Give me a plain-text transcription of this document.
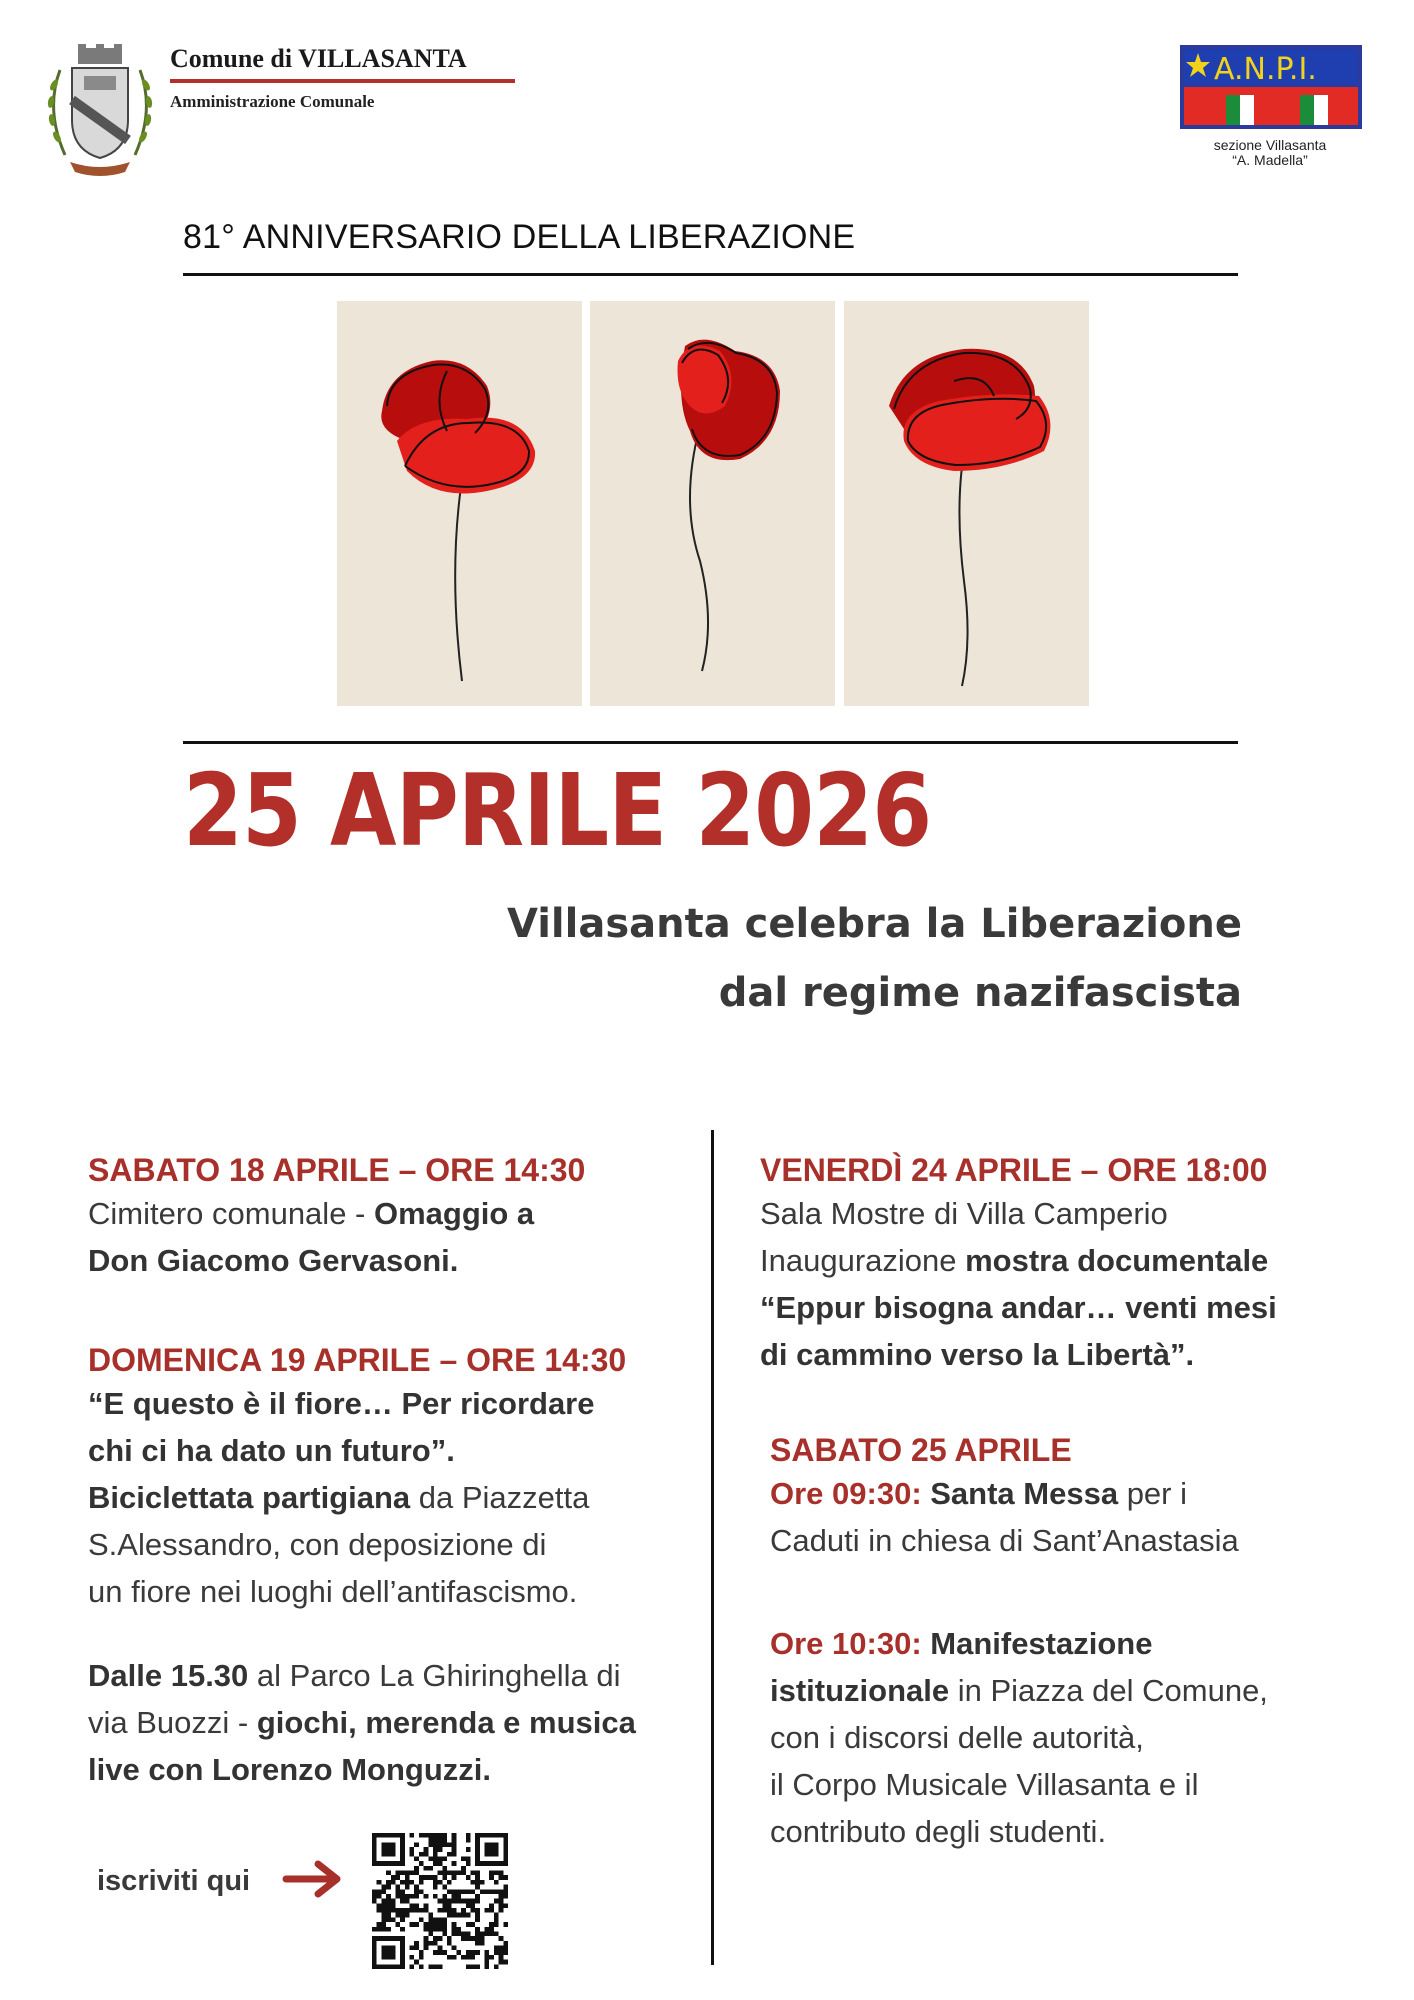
Comune di VILLASANTA
Amministrazione Comunale
A.N.P.I.
sezione Villasanta
“A. Madella”
81° ANNIVERSARIO DELLA LIBERAZIONE
25 APRILE 2026
Villasanta celebra la Liberazione
dal regime nazifascista
SABATO 18 APRILE – ORE 14:30
Cimitero comunale - Omaggio a
Don Giacomo Gervasoni.
DOMENICA 19 APRILE – ORE 14:30
“E questo è il fiore… Per ricordare
chi ci ha dato un futuro”.
Biciclettata partigiana da Piazzetta
S.Alessandro, con deposizione di
un fiore nei luoghi dell’antifascismo.
Dalle 15.30 al Parco La Ghiringhella di
via Buozzi - giochi, merenda e musica
live con Lorenzo Monguzzi.
iscriviti qui
VENERDÌ 24 APRILE – ORE 18:00
Sala Mostre di Villa Camperio
Inaugurazione mostra documentale
“Eppur bisogna andar… venti mesi
di cammino verso la Libertà”.
SABATO 25 APRILE
Ore 09:30: Santa Messa per i
Caduti in chiesa di Sant’Anastasia
Ore 10:30: Manifestazione
istituzionale in Piazza del Comune,
con i discorsi delle autorità,
il Corpo Musicale Villasanta e il
contributo degli studenti.
